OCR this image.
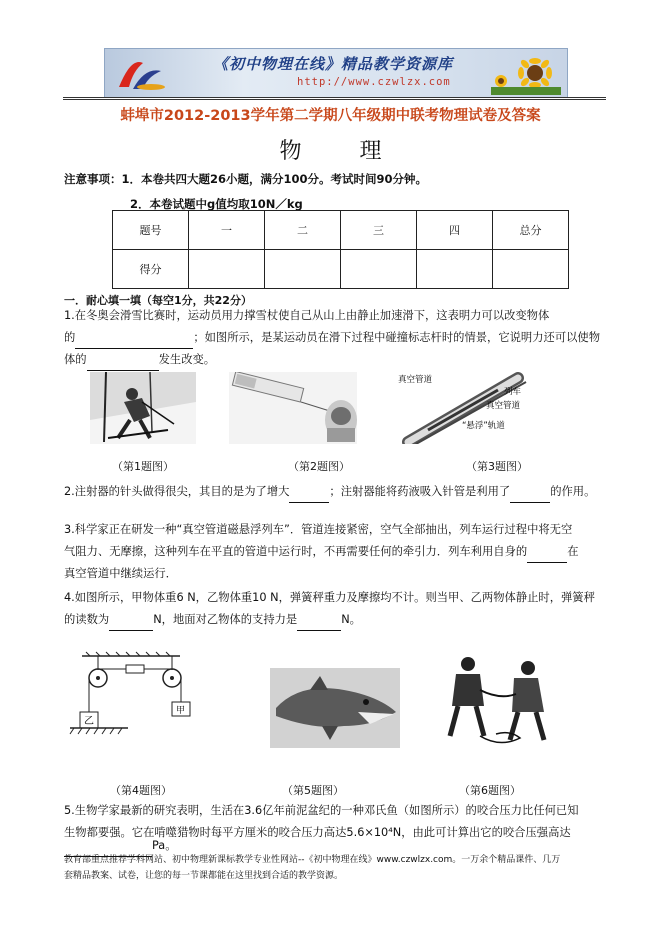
《初中物理在线》精品教学资源库
http://www.czwlzx.com
蚌埠市2012-2013学年第二学期八年级期中联考物理试卷及答案
物理
注意事项：1．本卷共四大题26小题，满分100分。考试时间90分钟。
2．本卷试题中g值均取10N／kg
题号	一	二	三	四	总分
得分					
一．耐心填一填（每空1分，共22分）
1.在冬奥会滑雪比赛时，运动员用力撑雪杖使自己从山上由静止加速滑下，这表明力可以改变物体
的	；如图所示，是某运动员在滑下过程中碰撞标志杆时的情景，它说明力还可以使物
体的	发生改变。
真空管道
列车
真空管道
“悬浮”轨道
（第1题图）	（第2题图）	（第3题图）
2.注射器的针头做得很尖，其目的是为了增大	；注射器能将药液吸入针管是利用了	的作用。
3.科学家正在研发一种“真空管道磁悬浮列车”．管道连接紧密，空气全部抽出，列车运行过程中将无空
气阻力、无摩擦，这种列车在平直的管道中运行时，不再需要任何的牵引力．列车利用自身的	在
真空管道中继续运行．
4.如图所示，甲物体重6 N，乙物体重10 N，弹簧秤重力及摩擦均不计。则当甲、乙两物体静止时，弹簧秤
的读数为	N，地面对乙物体的支持力是	N。
乙
甲
（第4题图）	（第5题图）	（第6题图）
5.生物学家最新的研究表明，生活在3.6亿年前泥盆纪的一种邓氏鱼（如图所示）的咬合压力比任何已知
生物都要强。它在啃噬猎物时每平方厘米的咬合压力高达5.6×10⁴N，由此可计算出它的咬合压强高达
Pa。
教育部重点推荐学科网站、初中物理新课标教学专业性网站--《初中物理在线》www.czwlzx.com。一万余个精品课件、几万
套精品教案、试卷，让您的每一节课都能在这里找到合适的教学资源。
